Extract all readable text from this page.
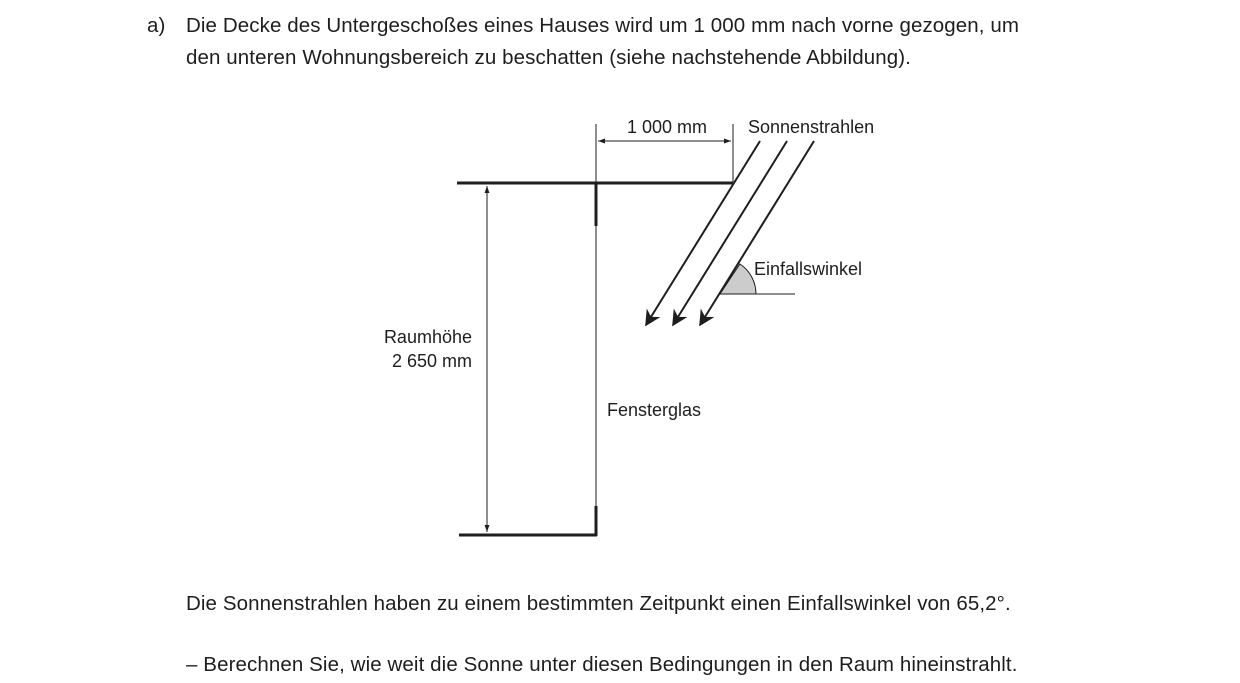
a) Die Decke des Untergeschoßes eines Hauses wird um 1 000 mm nach vorne gezogen, um
den unteren Wohnungsbereich zu beschatten (siehe nachstehende Abbildung).
1 000 mm
Raumhöhe
2 650 mm
Sonnenstrahlen
Einfallswinkel
Fensterglas
Die Sonnenstrahlen haben zu einem bestimmten Zeitpunkt einen Einfallswinkel von 65,2°.
– Berechnen Sie, wie weit die Sonne unter diesen Bedingungen in den Raum hineinstrahlt.
